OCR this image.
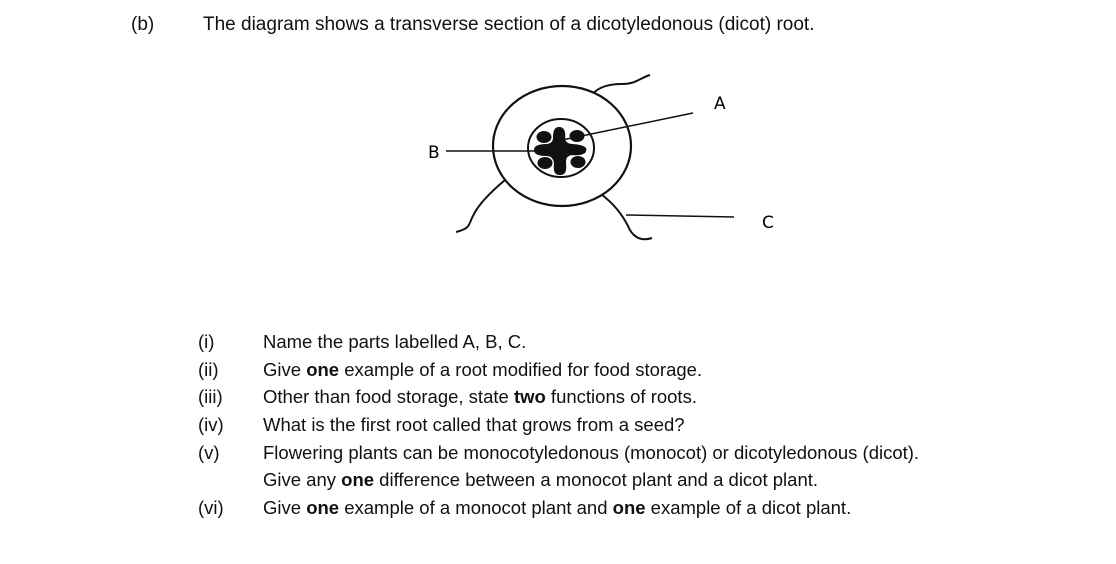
(b)	The diagram shows a transverse section of a dicotyledonous (dicot) root.
A
B
C
(i)	Name the parts labelled A, B, C.
(ii) Give one example of a root modified for food storage.
(iii) Other than food storage, state two functions of roots.
(iv) What is the first root called that grows from a seed?
(v) Flowering plants can be monocotyledonous (monocot) or dicotyledonous (dicot).
Give any one difference between a monocot plant and a dicot plant.
(vi) Give one example of a monocot plant and one example of a dicot plant.
